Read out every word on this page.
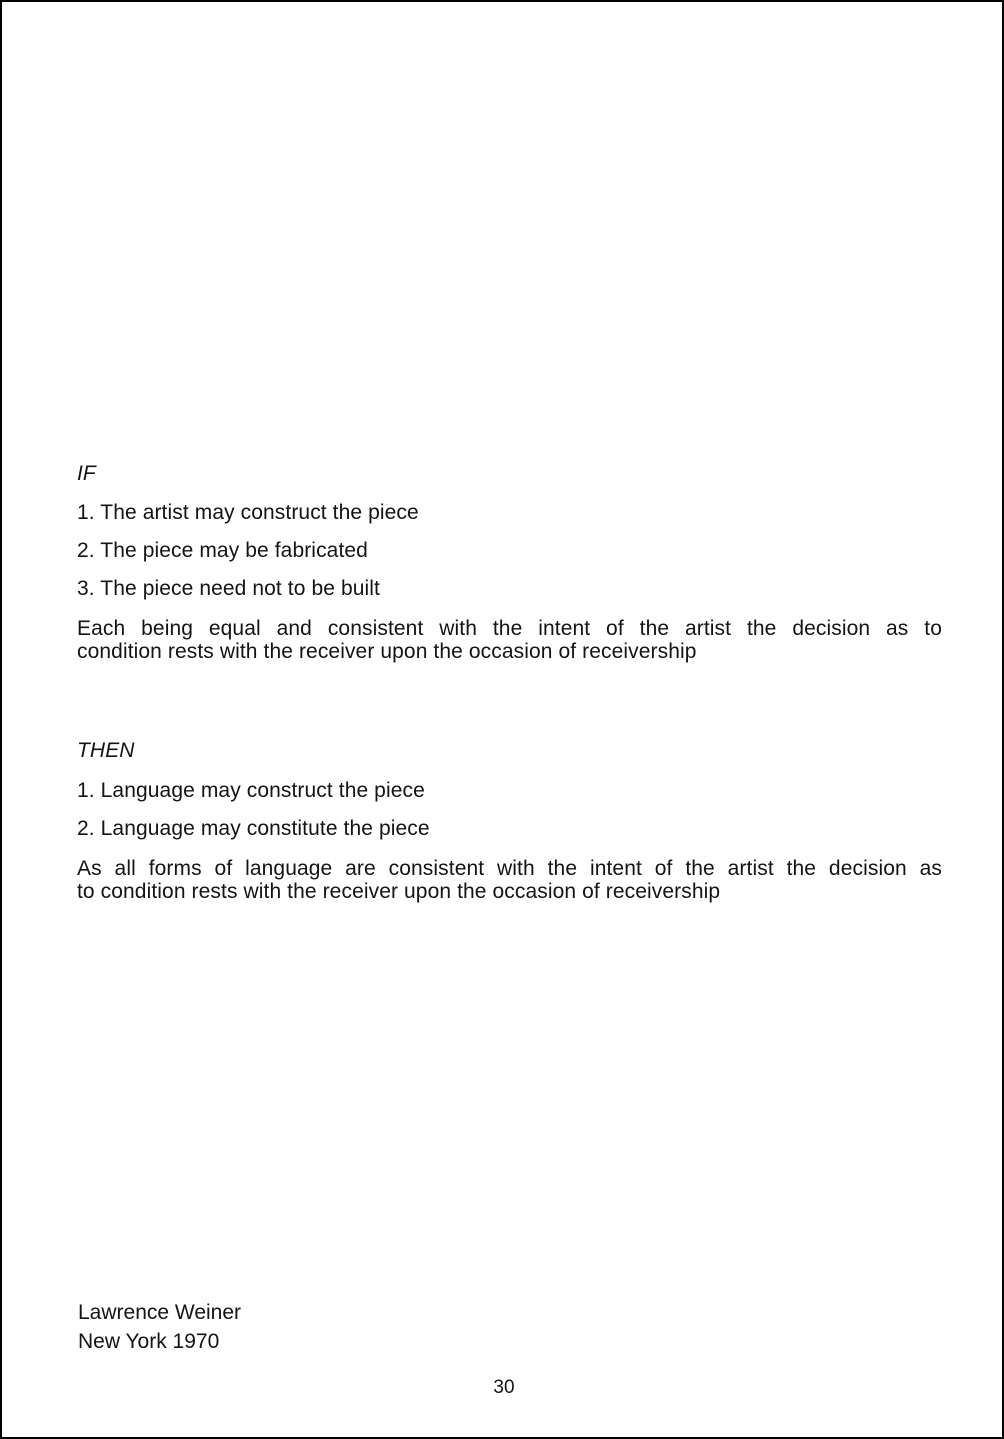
IF
1. The artist may construct the piece
2. The piece may be fabricated
3. The piece need not to be built
Each being equal and consistent with the intent of the artist the decision as to
condition rests with the receiver upon the occasion of receivership
THEN
1. Language may construct the piece
2. Language may constitute the piece
As all forms of language are consistent with the intent of the artist the decision as
to condition rests with the receiver upon the occasion of receivership
Lawrence Weiner
New York 1970
30
